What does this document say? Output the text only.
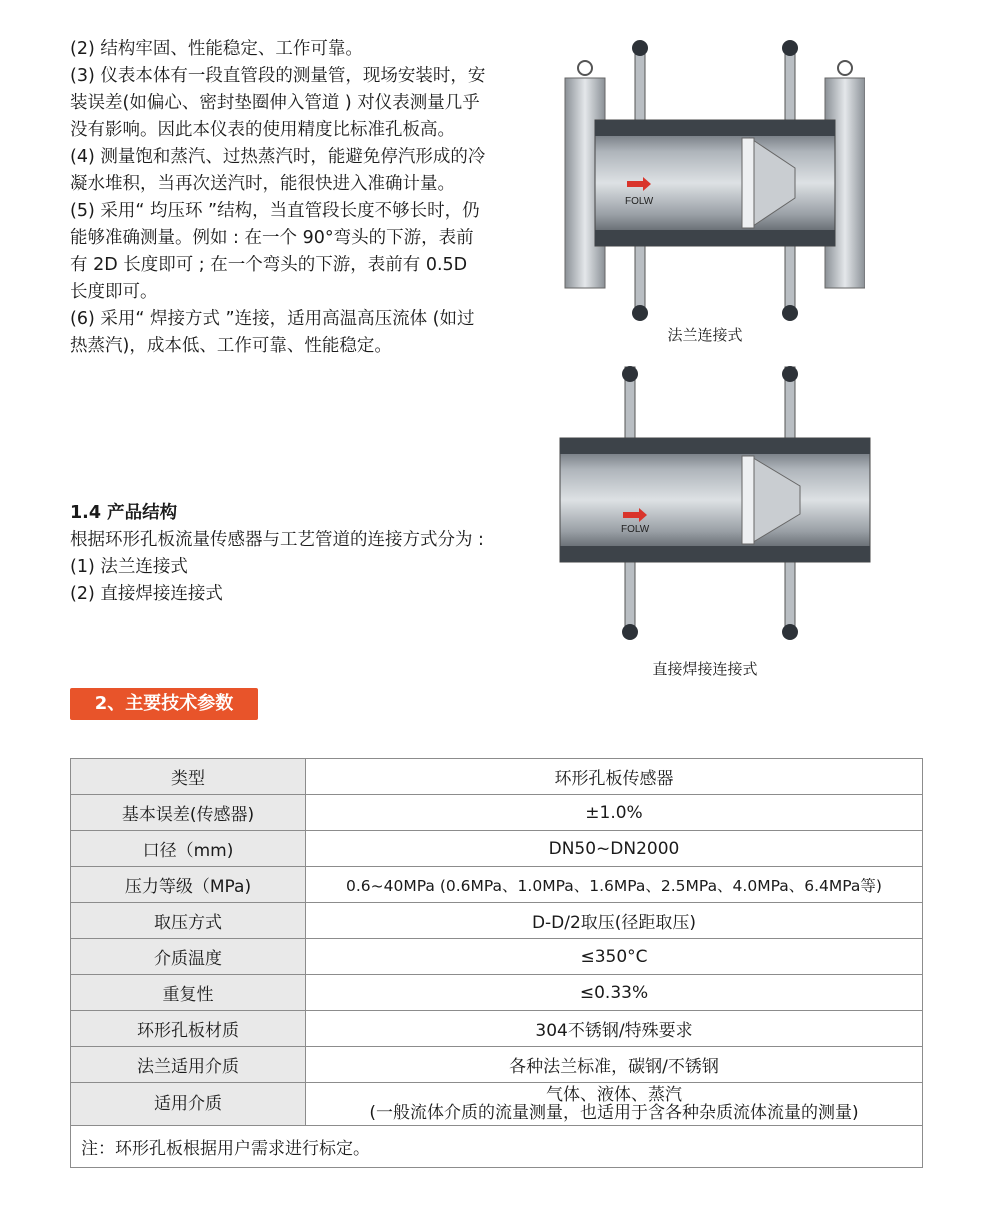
(2) 结构牢固、性能稳定、工作可靠。

(3) 仪表本体有一段直管段的测量管，现场安装时，安装误差(如偏心、密封垫圈伸入管道 ) 对仪表测量几乎没有影响。因此本仪表的使用精度比标准孔板高。

(4) 测量饱和蒸汽、过热蒸汽时，能避免停汽形成的冷凝水堆积，当再次送汽时，能很快进入准确计量。

(5) 采用“ 均压环 ”结构，当直管段长度不够长时，仍能够准确测量。例如 : 在一个 90°弯头的下游，表前有 2D 长度即可 ; 在一个弯头的下游，表前有 0.5D 长度即可。

(6) 采用“ 焊接方式 ”连接，适用高温高压流体 (如过热蒸汽)，成本低、工作可靠、性能稳定。

1.4 产品结构

根据环形孔板流量传感器与工艺管道的连接方式分为 :

(1) 法兰连接式

(2) 直接焊接连接式

FOLW
法兰连接式
FOLW
直接焊接连接式
2、主要技术参数
类型	环形孔板传感器
基本误差(传感器)	±1.0%
口径（mm)	DN50~DN2000
压力等级（MPa)	0.6~40MPa (0.6MPa、1.0MPa、1.6MPa、2.5MPa、4.0MPa、6.4MPa等)
取压方式	D-D/2取压(径距取压)
介质温度	≤350°C
重复性	≤0.33%
环形孔板材质	304不锈钢/特殊要求
法兰适用介质	各种法兰标准，碳钢/不锈钢
适用介质	气体、液体、蒸汽
(一般流体介质的流量测量，也适用于含各种杂质流体流量的测量)

注：环形孔板根据用户需求进行标定。	
